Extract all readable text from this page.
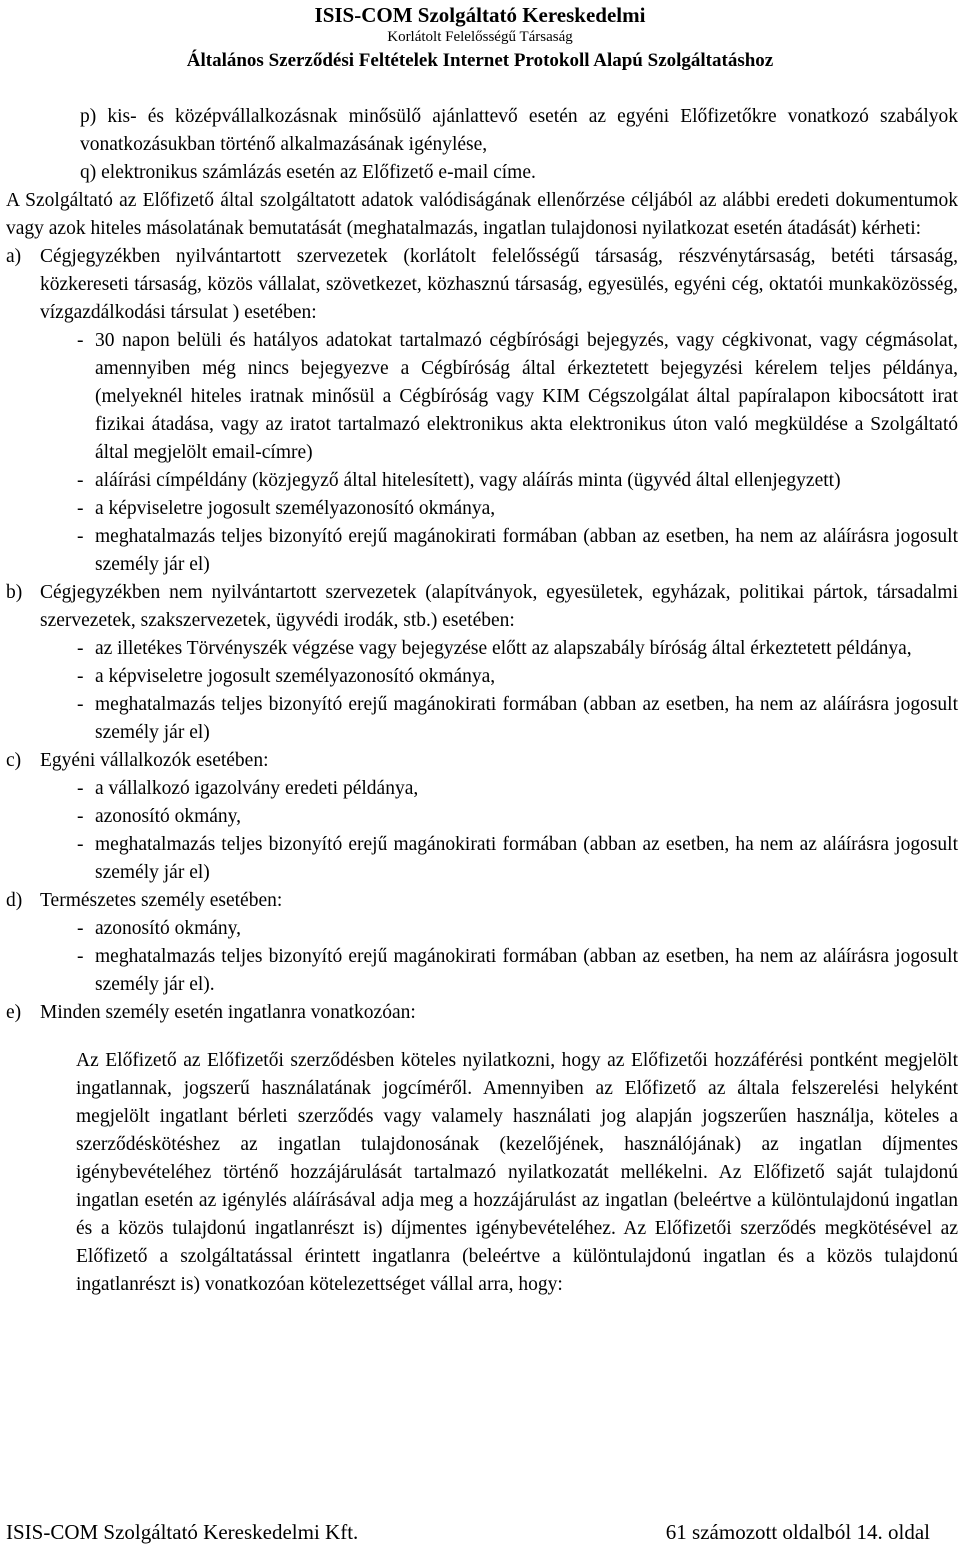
ISIS-COM Szolgáltató Kereskedelmi
Korlátolt Felelősségű Társaság
Általános Szerződési Feltételek Internet Protokoll Alapú Szolgáltatáshoz

p) kis- és középvállalkozásnak minősülő ajánlattevő esetén az egyéni Előfizetőkre vonatkozó szabályok vonatkozásukban történő alkalmazásának igénylése,

q) elektronikus számlázás esetén az Előfizető e-mail címe.

A Szolgáltató az Előfizető által szolgáltatott adatok valódiságának ellenőrzése céljából az alábbi eredeti dokumentumok vagy azok hiteles másolatának bemutatását (meghatalmazás, ingatlan tulajdonosi nyilatkozat esetén átadását) kérheti:

a) Cégjegyzékben nyilvántartott szervezetek (korlátolt felelősségű társaság, részvénytársaság, betéti társaság, közkereseti társaság, közös vállalat, szövetkezet, közhasznú társaság, egyesülés, egyéni cég, oktatói munkaközösség, vízgazdálkodási társulat ) esetében:
- 30 napon belüli és hatályos adatokat tartalmazó cégbírósági bejegyzés, vagy cégkivonat, vagy cégmásolat, amennyiben még nincs bejegyezve a Cégbíróság által érkeztetett bejegyzési kérelem teljes példánya, (melyeknél hiteles iratnak minősül a Cégbíróság vagy KIM Cégszolgálat által papíralapon kibocsátott irat fizikai átadása, vagy az iratot tartalmazó elektronikus akta elektronikus úton való megküldése a Szolgáltató által megjelölt email-címre)
- aláírási címpéldány (közjegyző által hitelesített), vagy aláírás minta (ügyvéd által ellenjegyzett)
- a képviseletre jogosult személyazonosító okmánya,
- meghatalmazás teljes bizonyító erejű magánokirati formában (abban az esetben, ha nem az aláírásra jogosult személy jár el)
b) Cégjegyzékben nem nyilvántartott szervezetek (alapítványok, egyesületek, egyházak, politikai pártok, társadalmi szervezetek, szakszervezetek, ügyvédi irodák, stb.) esetében:
- az illetékes Törvényszék végzése vagy bejegyzése előtt az alapszabály bíróság által érkeztetett példánya,
- a képviseletre jogosult személyazonosító okmánya,
- meghatalmazás teljes bizonyító erejű magánokirati formában (abban az esetben, ha nem az aláírásra jogosult személy jár el)
c) Egyéni vállalkozók esetében:
- a vállalkozó igazolvány eredeti példánya,
- azonosító okmány,
- meghatalmazás teljes bizonyító erejű magánokirati formában (abban az esetben, ha nem az aláírásra jogosult személy jár el)
d) Természetes személy esetében:
- azonosító okmány,
- meghatalmazás teljes bizonyító erejű magánokirati formában (abban az esetben, ha nem az aláírásra jogosult személy jár el).
e) Minden személy esetén ingatlanra vonatkozóan:

Az Előfizető az Előfizetői szerződésben köteles nyilatkozni, hogy az Előfizetői hozzáférési pontként megjelölt ingatlannak, jogszerű használatának jogcíméről. Amennyiben az Előfizető az általa felszerelési helyként megjelölt ingatlant bérleti szerződés vagy valamely használati jog alapján jogszerűen használja, köteles a szerződéskötéshez az ingatlan tulajdonosának (kezelőjének, használójának) az ingatlan díjmentes igénybevételéhez történő hozzájárulását tartalmazó nyilatkozatát mellékelni. Az Előfizető saját tulajdonú ingatlan esetén az igénylés aláírásával adja meg a hozzájárulást az ingatlan (beleértve a különtulajdonú ingatlan és a közös tulajdonú ingatlanrészt is) díjmentes igénybevételéhez. Az Előfizetői szerződés megkötésével az Előfizető a szolgáltatással érintett ingatlanra (beleértve a különtulajdonú ingatlan és a közös tulajdonú ingatlanrészt is) vonatkozóan kötelezettséget vállal arra, hogy:

ISIS-COM Szolgáltató Kereskedelmi Kft.	61 számozott oldalból 14. oldal
